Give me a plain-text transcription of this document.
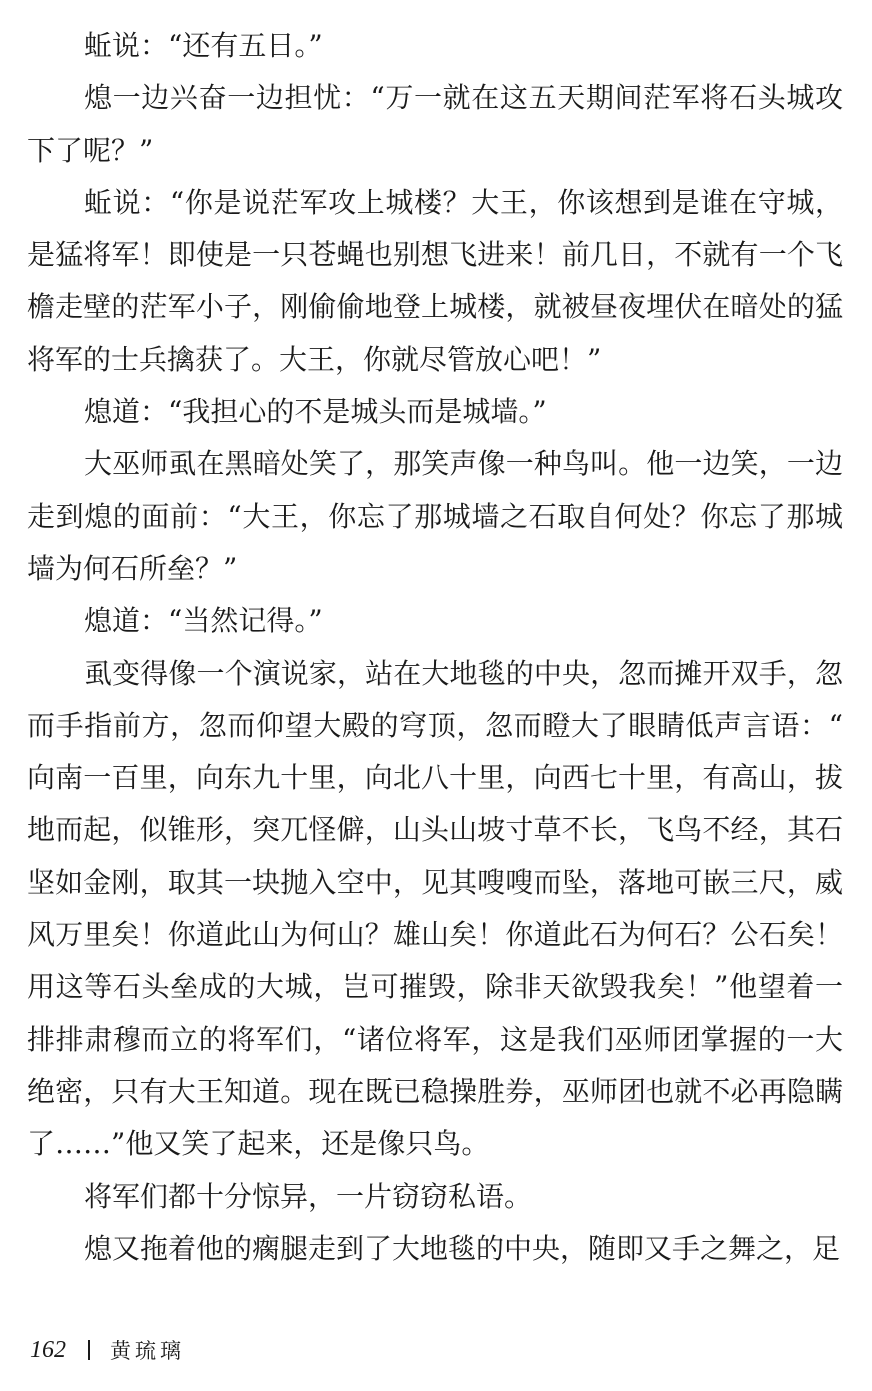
蚯说：“还有五日。”

熄一边兴奋一边担忧：“万一就在这五天期间茫军将石头城攻下了呢？”

蚯说：“你是说茫军攻上城楼？大王，你该想到是谁在守城，是猛将军！即使是一只苍蝇也别想飞进来！前几日，不就有一个飞檐走壁的茫军小子，刚偷偷地登上城楼，就被昼夜埋伏在暗处的猛将军的士兵擒获了。大王，你就尽管放心吧！”

熄道：“我担心的不是城头而是城墙。”

大巫师虱在黑暗处笑了，那笑声像一种鸟叫。他一边笑，一边走到熄的面前：“大王，你忘了那城墙之石取自何处？你忘了那城墙为何石所垒？”

熄道：“当然记得。”

虱变得像一个演说家，站在大地毯的中央，忽而摊开双手，忽而手指前方，忽而仰望大殿的穹顶，忽而瞪大了眼睛低声言语：“向南一百里，向东九十里，向北八十里，向西七十里，有高山，拔地而起，似锥形，突兀怪僻，山头山坡寸草不长，飞鸟不经，其石坚如金刚，取其一块抛入空中，见其嗖嗖而坠，落地可嵌三尺，威风万里矣！你道此山为何山？雄山矣！你道此石为何石？公石矣！用这等石头垒成的大城，岂可摧毁，除非天欲毁我矣！”他望着一排排肃穆而立的将军们，“诸位将军，这是我们巫师团掌握的一大绝密，只有大王知道。现在既已稳操胜券，巫师团也就不必再隐瞒了……”他又笑了起来，还是像只鸟。

将军们都十分惊异，一片窃窃私语。

熄又拖着他的瘸腿走到了大地毯的中央，随即又手之舞之，足

162 黄琉璃
